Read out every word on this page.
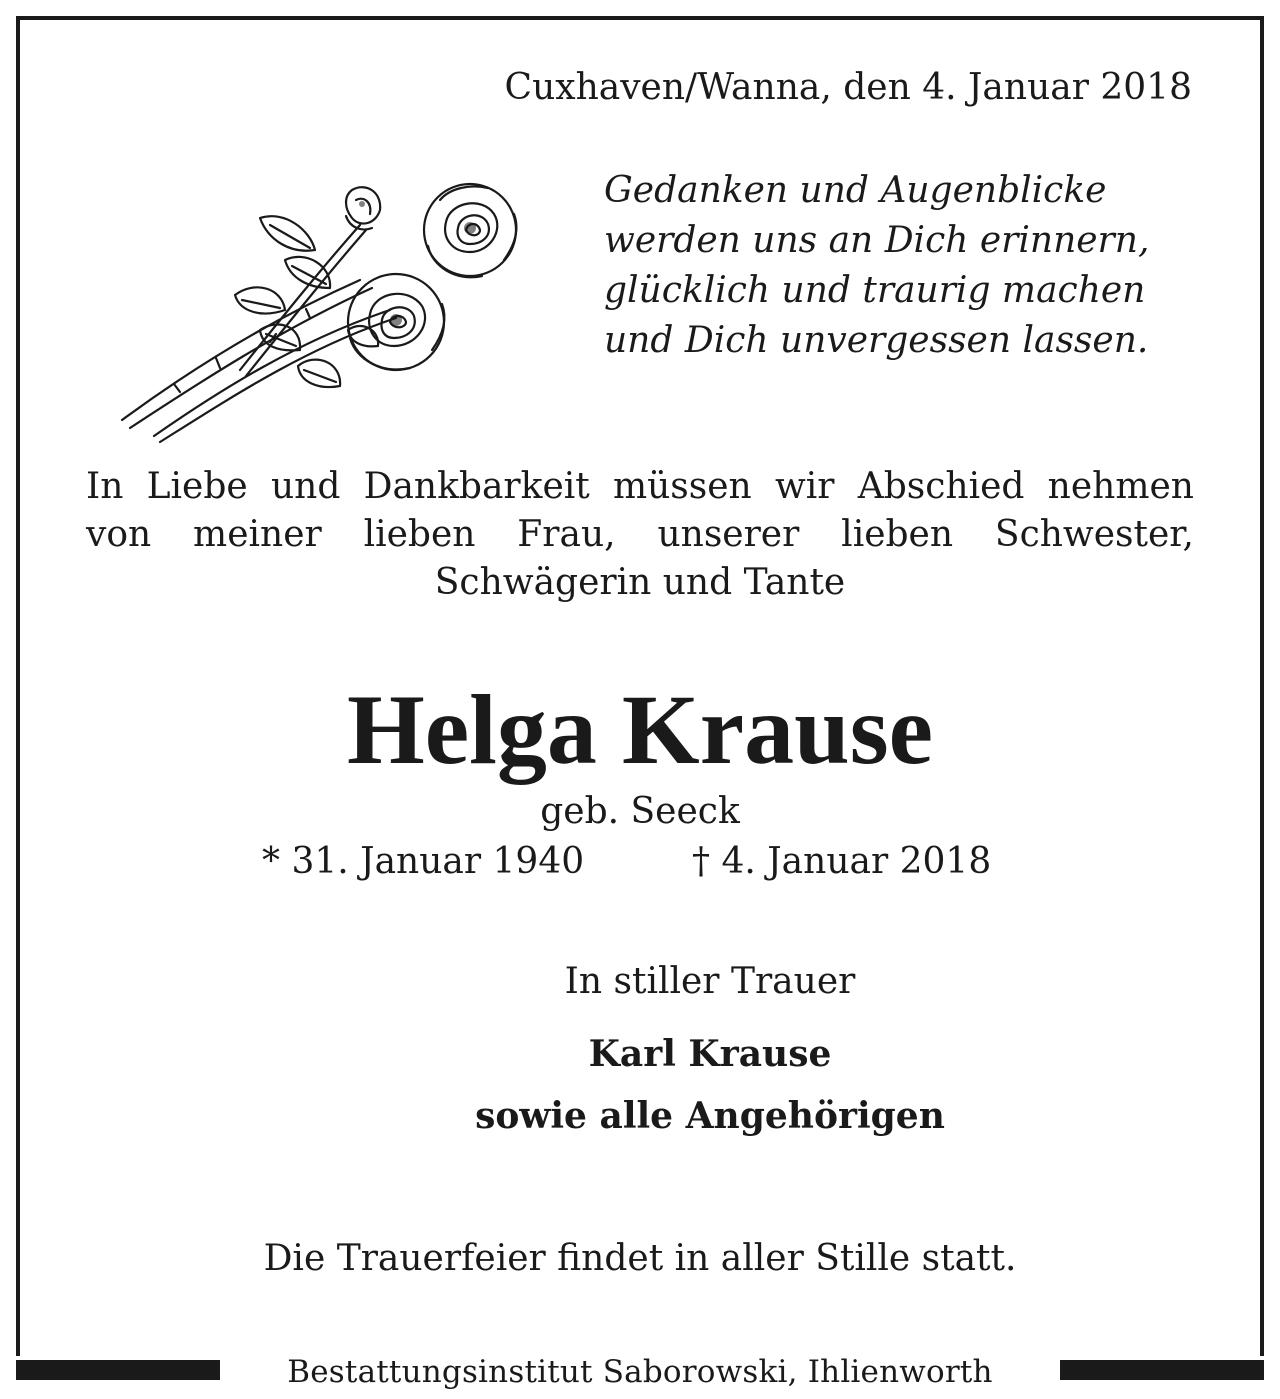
Cuxhaven/Wanna, den 4. Januar 2018
Gedanken und Augenblicke
werden uns an Dich erinnern,
glücklich und traurig machen
und Dich unvergessen lassen.
In Liebe und Dankbarkeit müssen wir Abschied nehmen
von meiner lieben Frau, unserer lieben Schwester,
Schwägerin und Tante
Helga Krause
geb. Seeck
* 31. Januar 1940	† 4. Januar 2018
In stiller Trauer
Karl Krause
sowie alle Angehörigen
Die Trauerfeier findet in aller Stille statt.
Bestattungsinstitut Saborowski, Ihlienworth
